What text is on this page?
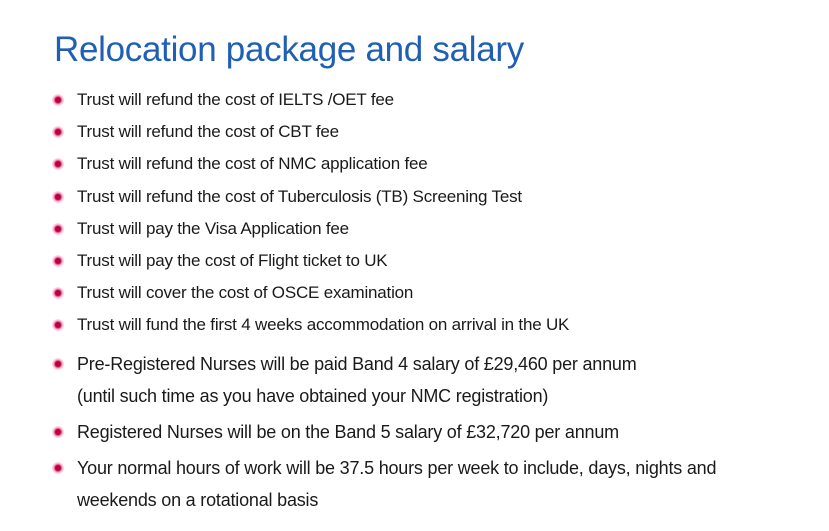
Relocation package and salary
Trust will refund the cost of IELTS /OET fee
Trust will refund the cost of CBT fee
Trust will refund the cost of NMC application fee
Trust will refund the cost of Tuberculosis (TB) Screening Test
Trust will pay the Visa Application fee
Trust will pay the cost of Flight ticket to UK
Trust will cover the cost of OSCE examination
Trust will fund the first 4 weeks accommodation on arrival in the UK
Pre-Registered Nurses will be paid Band 4 salary of £29,460 per annum
(until such time as you have obtained your NMC registration)
Registered Nurses will be on the Band 5 salary of £32,720 per annum
Your normal hours of work will be 37.5 hours per week to include, days, nights and
weekends on a rotational basis
